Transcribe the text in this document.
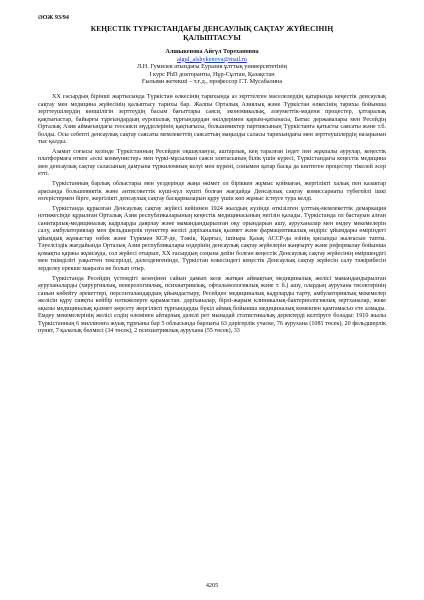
ӘОЖ 93/94
КЕҢЕСТІК ТҮРКІСТАНДАҒЫ ДЕНСАУЛЫҚ САҚТАУ ЖҮЙЕСІНІҢ
ҚАЛЫПТАСУЫ
Алшыкенова Айгүл Торехановна
aigul_alshykenova@mail.ru
Л.Н. Гумилев атындағы Еуразия ұлттық университетінің
I курс PhD докторанты, Нұр-Сұлтан, Қазақстан
Ғылыми жетекші – т.ғ.д., профессор Г.Т. Мусабалина

ХХ ғасырдың бірінші жартысында Түркістан өлкесінің тарихында аз зерттелген мәселелердің қатарында кеңестік денсаулық сақтау мен медицина жүйесінің қалыптасу тарихы бар. Жалпы Орталық Азиялық және Түркістан өлкесінің тарихы бойынша зерттеушілердің көпшілігін зерттеудің басым бағыттары саяси, экономикалық, әлеуметтік-мәдени процестер, ұлтаралық қақтығыстар, байырғы тұрғындардың еуропалық тұрғындардан өкілдерімен қарым-қатынасы, Батыс державалары мен Ресейдің Орталық Азия аймағындағы геосаяси мүдделерінің қақтығысы, большевиктер партиясының Түркістанға қатысты саясаты және т.б. болды. Осы себепті денсаулық сақтау саясаты мемлекеттің саясаттың маңызды саласы тарихындағы мен зерттеушілердің назарынан тыс қалды.

Азамат соғысы кезінде Түркістанның Ресейден оқшаулануы, аштарлық, кең таралған індет пен жұқпалы аурулар, кеңестік платформаға өткен «ескі коммунистер» мен түркі-мұсылман саяси элитасының білік үшін күресі, Түркістандағы кеңестік медицина мен денсаулық сақтау саласының дамуына түркиломның келуі мен күрені, сонымен қатар басқа да көптеген процестер тікелей әсер етті.

Түркістанның барлық облыстары мен уездерінде жаңа өкімет ол біріккен жұмыс қоймаған, жергілікті халық пен казактар арасында большевиктік және антисоветтік күші-күл күшті болған жағдайда Денсаулық сақтау комиссариаты түбегейлі ішкі өзгерістермен бірге, жергілікті денсаулық сақтау басқармаларын құру үшін көп жұмыс істеуге тура келді.

Түркістанда құрылған Денсаулық сақтау жүйесі кейіннен 1924 жылдың күзінде өткізілген ұлттық-мемлекеттік демаркация нәтижесінде құрылған Орталық Азия республикаларының кеңестік медицинасының негізін қалады. Түркістанда ол бастауын алған санитарлық-медициналық кадрларды даярлау және мамандандырылған оқу орындарын ашу, ауруханалар мен емдеу мекемелерін салу, амбулаториялар мен фельдшерлік пункттер желісі дәріханалық қызмет және фармацевтикалық өндіріс ұйымдары өміріндегі ұйымдық жұмыстар өзбек және Түркмен КСР-де, Тәжік, Қырғыз, ішінара Қазақ АССР-да өзінің қисынды жалғасын тапты. Тәуелсіздік жағдайында Орталық Азия республикалары өздерінің денсаулық сақтау жүйелерін жаңғырту және реформалау бойынша қомақты қаржы жұмсауда, сол жүйесі отырып, ХХ ғасырдың соңына дейін болған кеңестік Денсаулық сақтау жүйесінің өміршеңдігі мен тиімділігі уақыттен тексерілді, дәлелденгенінде, Түркістан өлкесіндегі кеңестік Денсаулық сақтау жүйесін салу тәжірибесін зерделеу ерекше маңызға ие болып отыр.

Түркістанда Ресейдің үстемдігі кезеңінен сайын дамып келе жатқан аймақтың медициналық желісі мамандандырылған ауруханаларды (хирургиялық, венерологиялық, психиатриялық, офтальмологиялық және т. б.) ашу, олардың аурухана төсектерінің санын көбейту әрекеттері, персонталандардың ұйымдастыру, Ресейден медициналық кадрларды тарту, амбулаториялық мекемелер желісін құру сияқты кейбір нәтижелерге қарамастан. дәріханалар, бірлі-жарым клиникалық-бактериологиялық зертханалар, жеке ақылы медициналық қызмет көрсету жергілікті тұрғындарды бүкіл аймақ бойынша медициналық көмекпен қамтамасыз ете алмады. Емдеу мекемелерінің желісі елдің өлемінен айтарлық дәлелі рет мынадай статистикалық деректерді келтіруге болады: 1910 жылы Түркістанның 6 миллионға жуық тұрғыны бар 5 облысында барлығы 63 дәрігерлік учаске, 76 аурухана (1081 төсек), 20 фельдшерлік пункт, 7 қалалық бөлмесі (34 төсек), 2 психиатриялық аурухана (55 төсек), 33

4205
